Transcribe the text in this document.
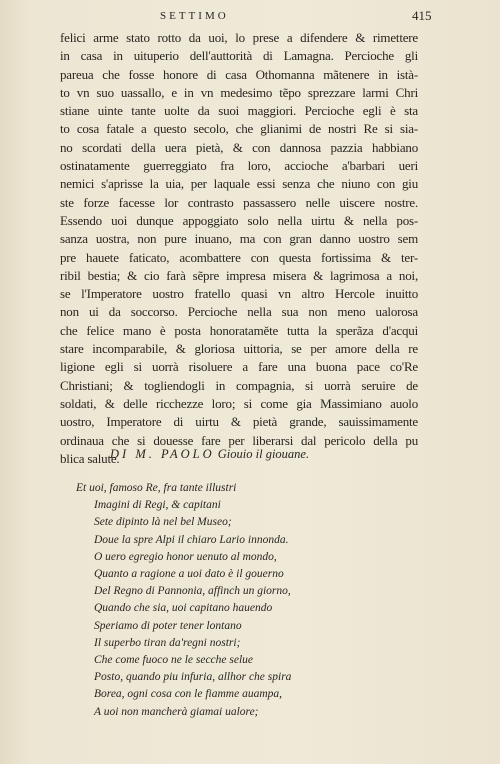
SETTIMO	415
felici arme stato rotto da uoi, lo prese a difendere & rimettere
in casa in uituperio dell'auttorità di Lamagna. Percioche gli
pareua che fosse honore di casa Othomanna mãtenere in istà-
to vn suo uassallo, e in vn medesimo tẽpo sprezzare larmi Chri
stiane uinte tante uolte da suoi maggiori. Percioche egli è sta
to cosa fatale a questo secolo, che glianimi de nostri Re si sia-
no scordati della uera pietà, & con dannosa pazzia habbiano
ostinatamente guerreggiato fra loro, accioche a'barbari ueri
nemici s'aprisse la uia, per laquale essi senza che niuno con giu
ste forze facesse lor contrasto passassero nelle uiscere nostre.
Essendo uoi dunque appoggiato solo nella uirtu & nella pos-
sanza uostra, non pure inuano, ma con gran danno uostro sem
pre hauete faticato, acombattere con questa fortissima & ter-
ribil bestia; & cio farà sẽpre impresa misera & lagrimosa a noi,
se l'Imperatore uostro fratello quasi vn altro Hercole inuitto
non ui da soccorso. Percioche nella sua non meno ualorosa
che felice mano è posta honorataměte tutta la sperãza d'acqui
stare incomparabile, & gloriosa uittoria, se per amore della re
ligione egli si uorrà risoluere a fare una buona pace co'Re
Christiani; & togliendogli in compagnia, si uorrà seruire de
soldati, & delle ricchezze loro; si come gia Massimiano auolo
uostro, Imperatore di uirtu & pietà grande, sauissimamente
ordinaua che si douesse fare per liberarsi dal pericolo della pu
blica salute.
DI M. PAOLO Giouio il giouane.
Et uoi, famoso Re, fra tante illustri
Imagini di Regi, & capitani
Sete dipinto là nel bel Museo;
Doue la spre Alpi il chiaro Lario innonda.
O uero egregio honor uenuto al mondo,
Quanto a ragione a uoi dato è il gouerno
Del Regno di Pannonia, affinch un giorno,
Quando che sia, uoi capitano hauendo
Speriamo di poter tener lontano
Il superbo tiran da'regni nostri;
Che come fuoco ne le secche selue
Posto, quando piu infuria, allhor che spira
Borea, ogni cosa con le fiamme auampa,
A uoi non mancherà giamai ualore;
